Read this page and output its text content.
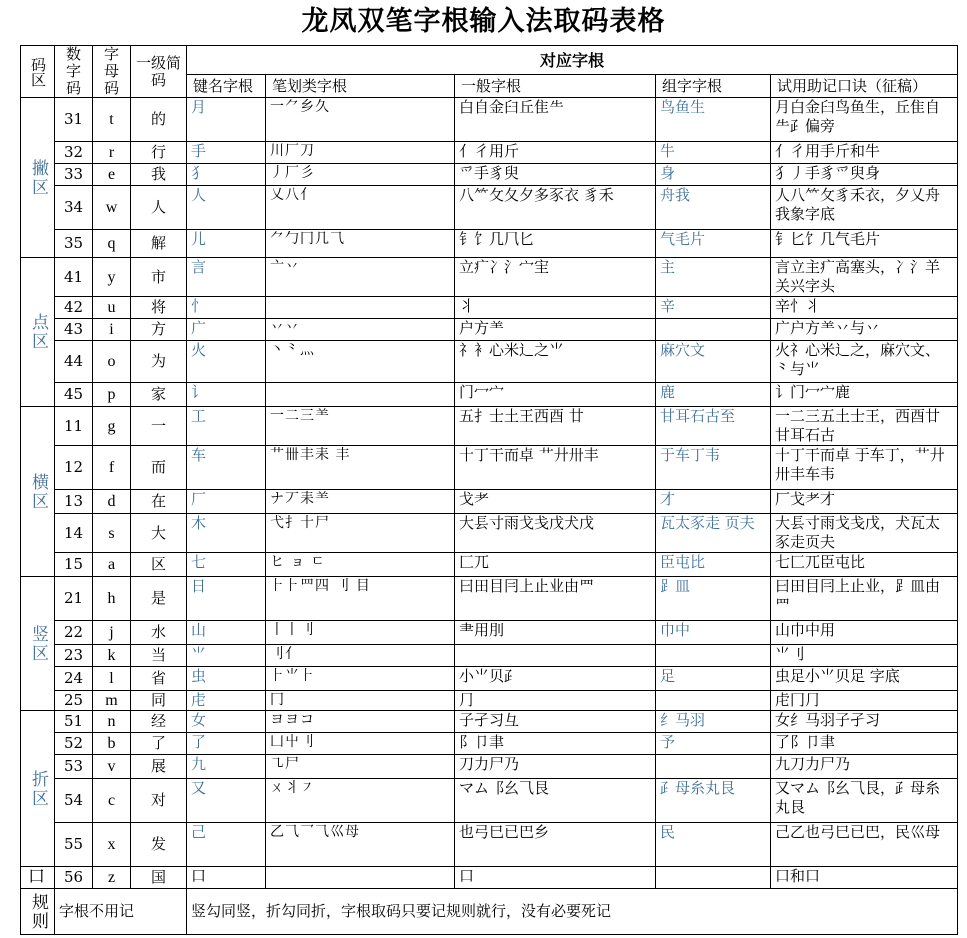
龙凤双笔字根输入法取码表格
码区	数字码	字母码	一级简码	对应字根				
				键名字根	笔划类字根	一般字根	组字字根	试用助记口诀（征稿）
撇区	31	t	的	月	一⺈乡久	白自金臼丘隹⺧	鸟鱼生	月白金臼鸟鱼生，丘隹自⺧⺪偏旁
	32	r	行	手	川厂刀	亻彳用斤	牛	亻彳用手斤和牛
	33	e	我	犭	丿厂彡	爫手豸臾	身	犭丿手豸爫臾身
	34	w	人	人	乂八⺅	八⺮攵夂夕多豕衣 豸禾	舟我	人八⺮攵豸禾衣，夕乂舟我象字底
	35	q	解	儿	⺈勹冂几⺄	钅饣几⺇匕	气毛片	钅匕饣几气毛片
点区	41	y	市	言	亠丷	立疒冫氵宀宔	主	言立主疒高塞头，冫氵羊关兴字头
	42	u	将	忄		丬	辛	辛忄丬
	43	i	方	广	丷丷	户方⺷		广户方⺷丷与丷
	44	o	为	火	丶⺀灬	礻衤心米辶之⺌	麻穴文	火礻心米辶之，麻穴文、⺀与⺌
	45	p	家	讠		门冖宀	鹿	讠门冖宀鹿
横区	11	g	一	工	一二三⺷	五扌士土王西酉 廿	甘耳石古至	一二三五土士王，西酉廿甘耳石古
	12	f	而	车	艹卌丰耒 丰	十丁干而卓 艹廾卅丰	于车丁韦	十丁干而卓 于车丁，艹廾卅丰车韦
	13	d	在	厂	ナ丆耒⺷	戈耂	才	厂戈耂才
	14	s	大	木	弋扌十尸	大镸寸雨戈戋戊犬戊	瓦太豕走 页夫	大镸寸雨戈戋戊，犬瓦太豕走页夫
	15	a	区	七	ヒ ョ ㄷ	匚兀	臣屯比	七匚兀臣屯比
竖区	21	h	是	日	⺊⺊罒四 刂 目	曰田目冃上止业由罒	⻊皿	曰田目冃上止业，⻊皿由罒
	22	j	水	山	丨丨刂	⺻用刖	巾中	山巾中用
	23	k	当	⺌	刂亻			⺌刂
	24	l	省	虫	⺊⺌⺊	小⺌贝⺪	足	虫足小⺌贝足 字底
	25	m	同	虍	冂	⺆		虍冂⺆
折区	51	n	经	女	ヨヨコ	子孑习彑	纟马羽	女纟马羽子孑习
	52	b	了	了	凵屮刂	阝卩聿	予	了阝卩聿
	53	v	展	九	㇈尸	刀力尸乃		九刀力尸乃
	54	c	对	又	ㄨ⺦㇇	マム⻏幺⺄艮	⺪母糸丸艮	又マム⻏幺⺄艮，⺪母糸丸艮
	55	x	发	己	乙⺄乛⺄巛母	也弓巳已巴乡	民	己乙也弓巳已巴，民巛母
口	56	z	国	口		口		口和口
规则	字根不用记			竖勾同竖，折勾同折，字根取码只要记规则就行，没有必要死记				
